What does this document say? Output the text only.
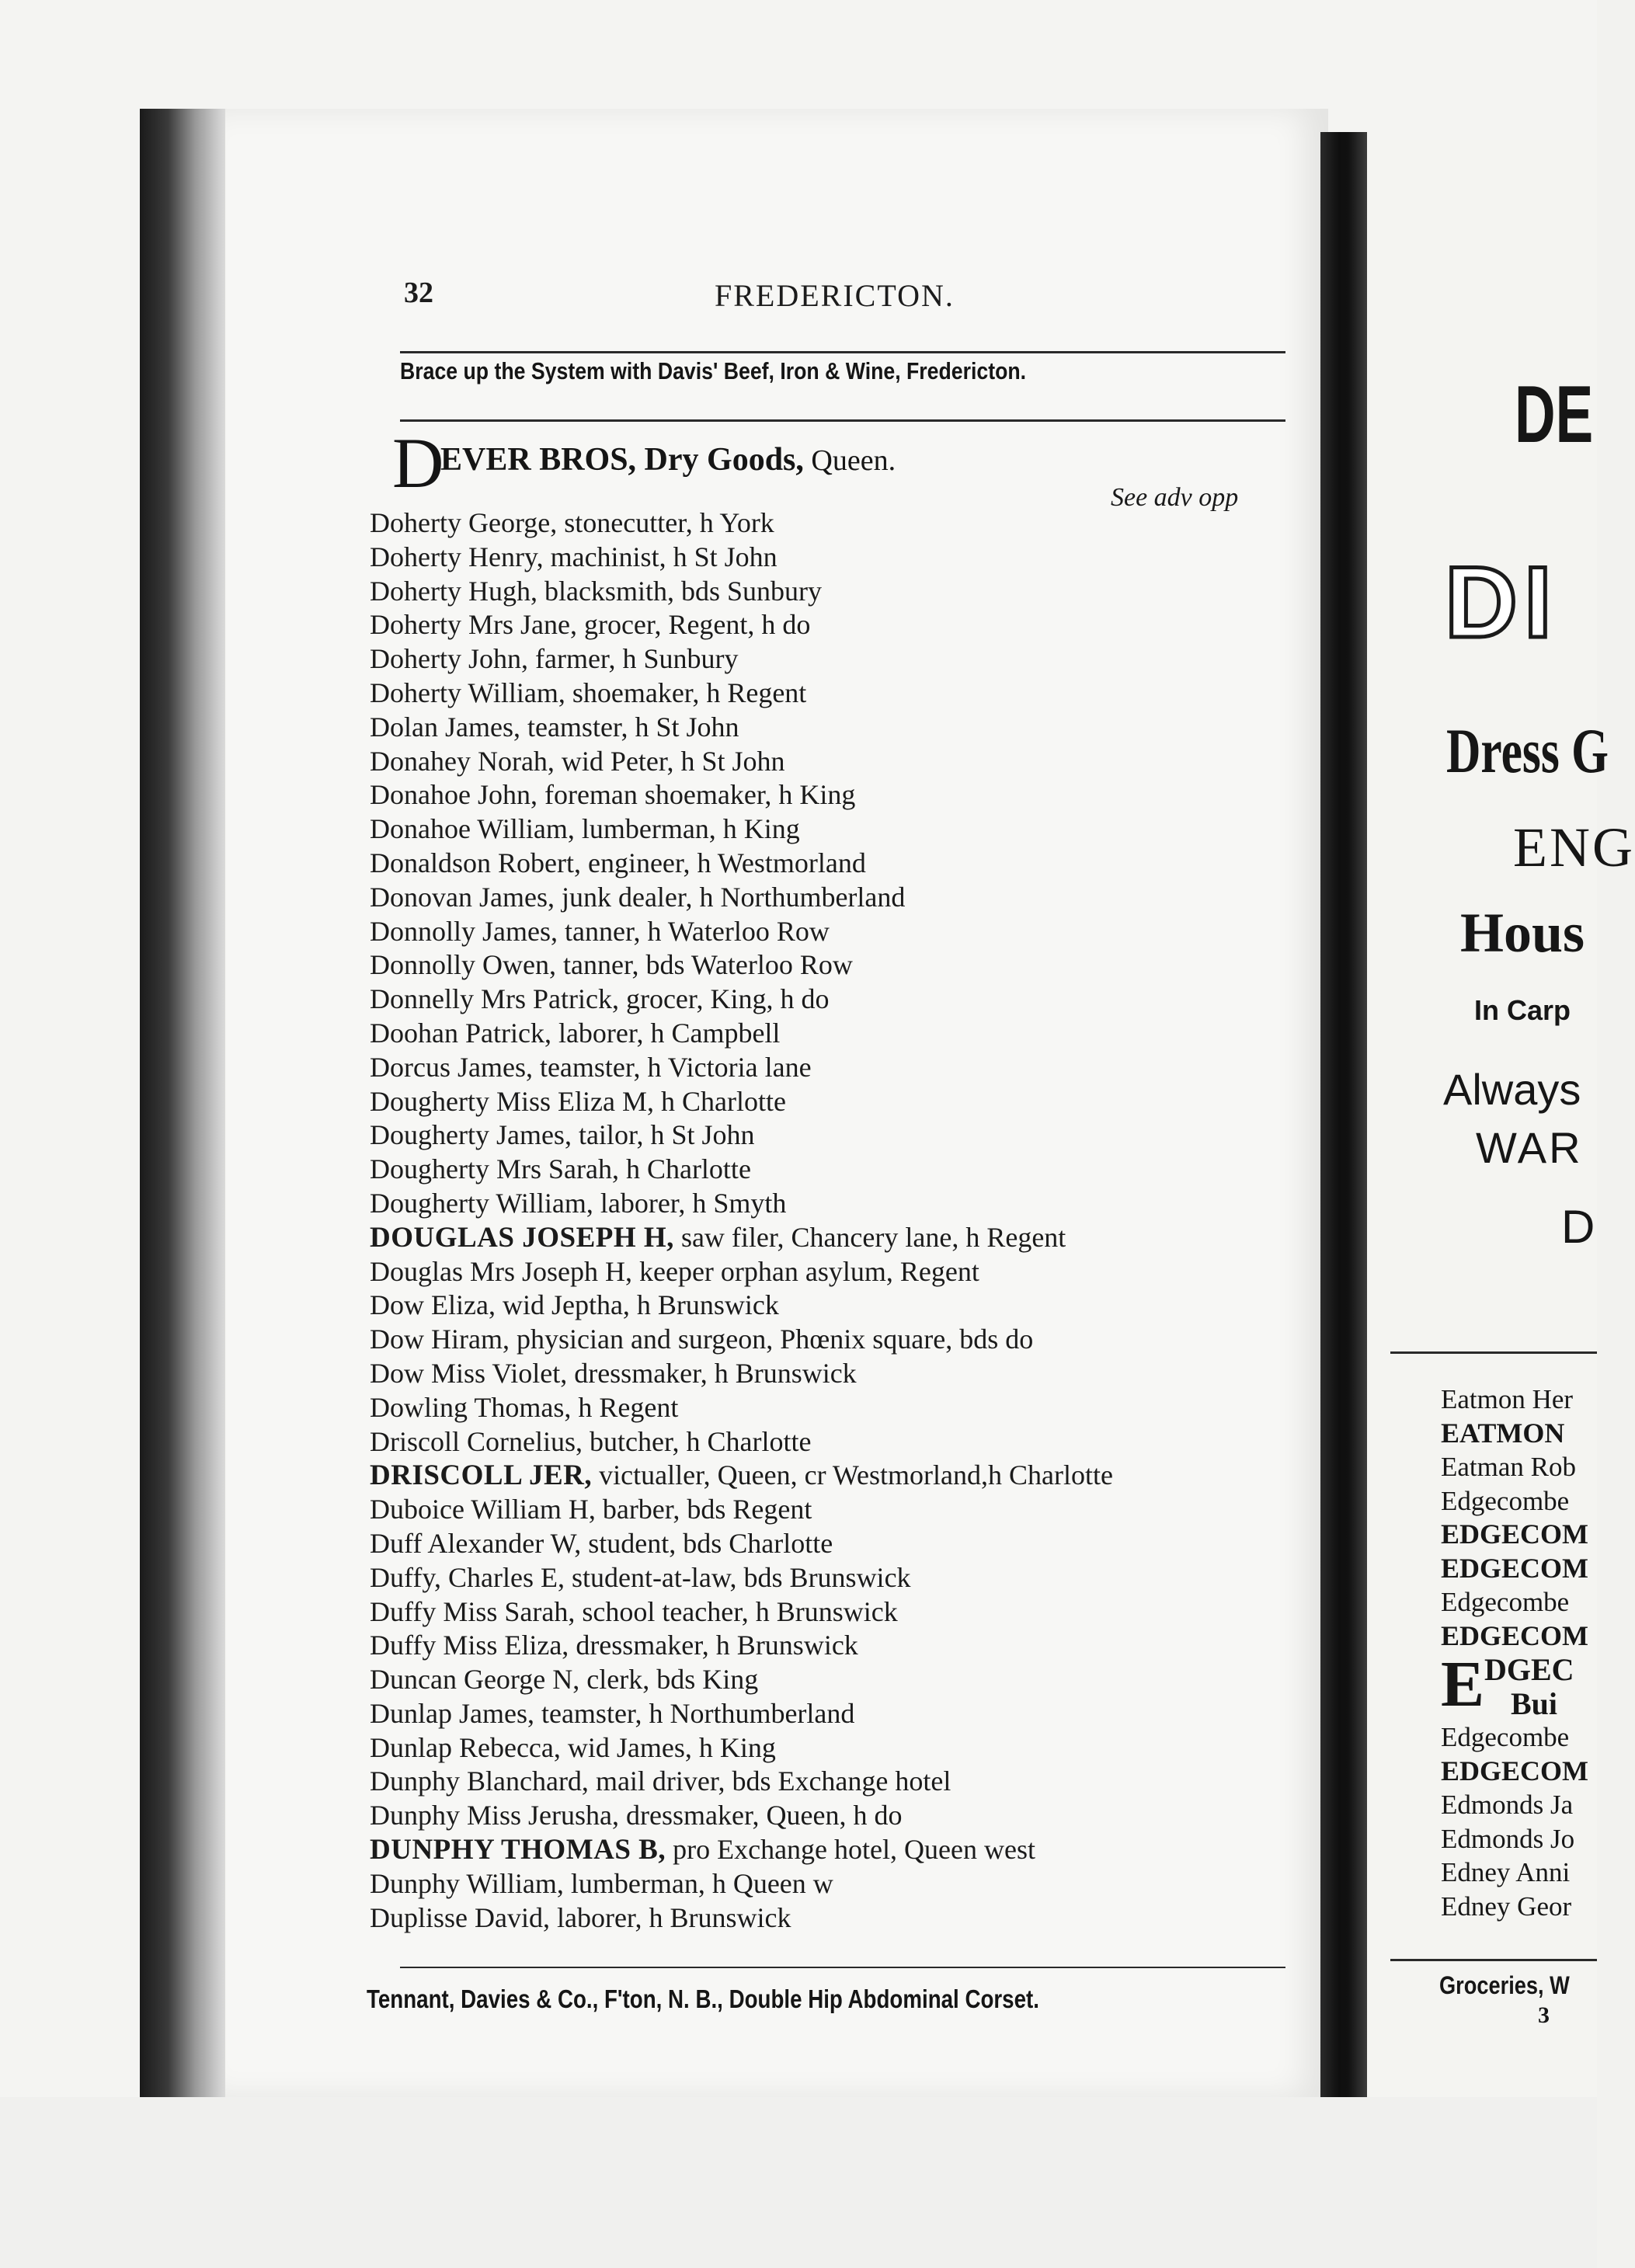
32	FREDERICTON.
Brace up the System with Davis' Beef, Iron & Wine, Fredericton.
D
EVER BROS, Dry Goods, Queen.
See adv opp
Doherty George, stonecutter, h York
Doherty Henry, machinist, h St John
Doherty Hugh, blacksmith, bds Sunbury
Doherty Mrs Jane, grocer, Regent, h do
Doherty John, farmer, h Sunbury
Doherty William, shoemaker, h Regent
Dolan James, teamster, h St John
Donahey Norah, wid Peter, h St John
Donahoe John, foreman shoemaker, h King
Donahoe William, lumberman, h King
Donaldson Robert, engineer, h Westmorland
Donovan James, junk dealer, h Northumberland
Donnolly James, tanner, h Waterloo Row
Donnolly Owen, tanner, bds Waterloo Row
Donnelly Mrs Patrick, grocer, King, h do
Doohan Patrick, laborer, h Campbell
Dorcus James, teamster, h Victoria lane
Dougherty Miss Eliza M, h Charlotte
Dougherty James, tailor, h St John
Dougherty Mrs Sarah, h Charlotte
Dougherty William, laborer, h Smyth
DOUGLAS JOSEPH H, saw filer, Chancery lane, h Regent
Douglas Mrs Joseph H, keeper orphan asylum, Regent
Dow Eliza, wid Jeptha, h Brunswick
Dow Hiram, physician and surgeon, Phœnix square, bds do
Dow Miss Violet, dressmaker, h Brunswick
Dowling Thomas, h Regent
Driscoll Cornelius, butcher, h Charlotte
DRISCOLL JER, victualler, Queen, cr Westmorland,h Charlotte
Duboice William H, barber, bds Regent
Duff Alexander W, student, bds Charlotte
Duffy, Charles E, student-at-law, bds Brunswick
Duffy Miss Sarah, school teacher, h Brunswick
Duffy Miss Eliza, dressmaker, h Brunswick
Duncan George N, clerk, bds King
Dunlap James, teamster, h Northumberland
Dunlap Rebecca, wid James, h King
Dunphy Blanchard, mail driver, bds Exchange hotel
Dunphy Miss Jerusha, dressmaker, Queen, h do
DUNPHY THOMAS B, pro Exchange hotel, Queen west
Dunphy William, lumberman, h Queen w
Duplisse David, laborer, h Brunswick
Tennant, Davies & Co., F'ton, N. B., Double Hip Abdominal Corset.
DE
DI
Dress G
ENG
Hous
In Carp
Always
WAR
D
Eatmon Her
EATMON
Eatman Rob
Edgecombe
EDGECOM
EDGECOM
Edgecombe
EDGECOM
DGEC
Bui
Edgecombe
EDGECOM
Edmonds Ja
Edmonds Jo
Edney Anni
Edney Geor
Groceries, W
3
E
